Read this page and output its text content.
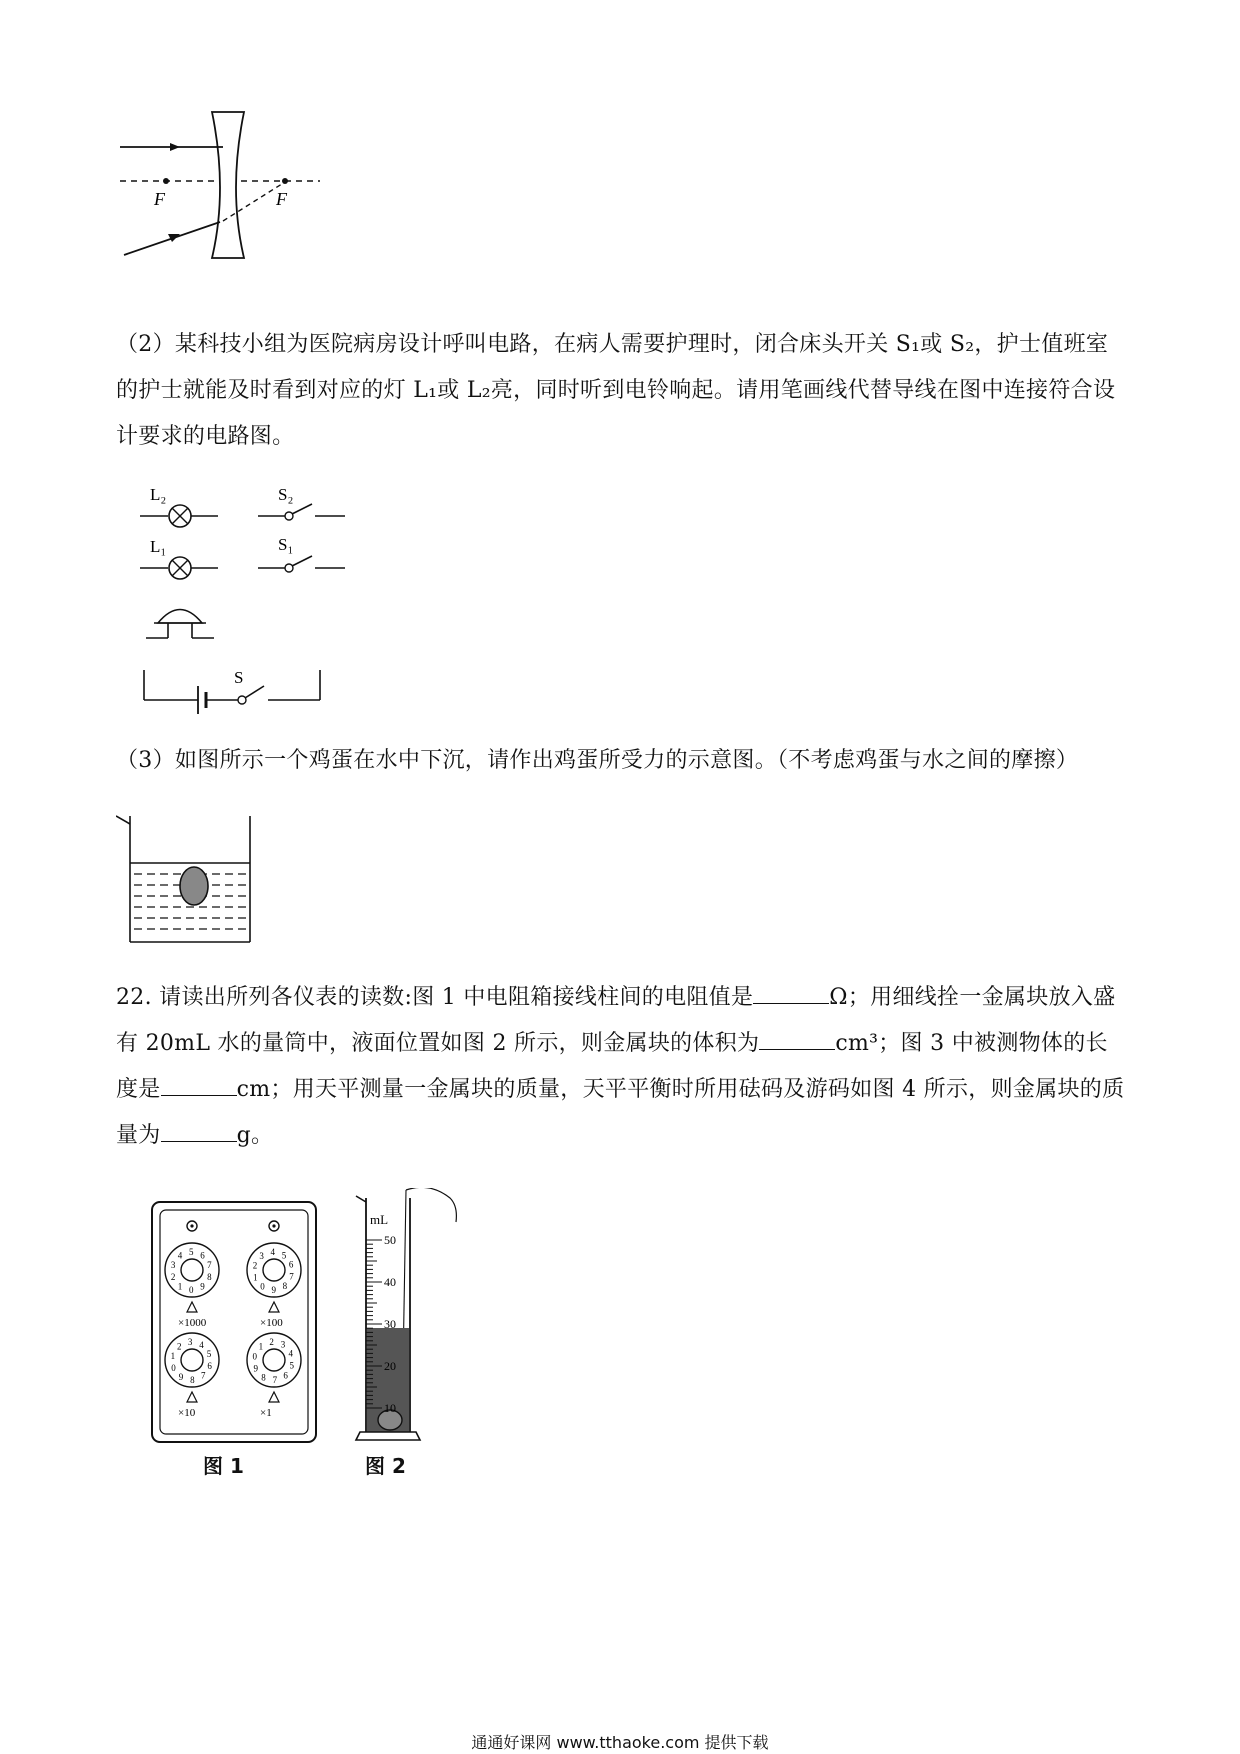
F	F
（2）某科技小组为医院病房设计呼叫电路，在病人需要护理时，闭合床头开关 S₁或 S₂，护士值班室的护士就能及时看到对应的灯 L₁或 L₂亮，同时听到电铃响起。请用笔画线代替导线在图中连接符合设计要求的电路图。
L₂
L₁
S₂
S₁
S
（3）如图所示一个鸡蛋在水中下沉，请作出鸡蛋所受力的示意图。（不考虑鸡蛋与水之间的摩擦）
22. 请读出所列各仪表的读数:图 1 中电阻箱接线柱间的电阻值是	Ω；用细线拴一金属块放入盛有 20mL 水的量筒中，液面位置如图 2 所示，则金属块的体积为	cm³；图 3 中被测物体的长度是	cm；用天平测量一金属块的质量，天平平衡时所用砝码及游码如图 4 所示，则金属块的质量为	g。
0
1
2
3
4 5 6
7
8
9
×1000
0
1
2
3 4 5
6
7
8
9
×100
0
1
2 3 4
5
6
7
8
9
×10
0
1 2 3
4
5
6
7
8
9
×1
图 1
50
40
30
20
10
mL
图 2
通通好课网 www.tthaoke.com 提供下载
